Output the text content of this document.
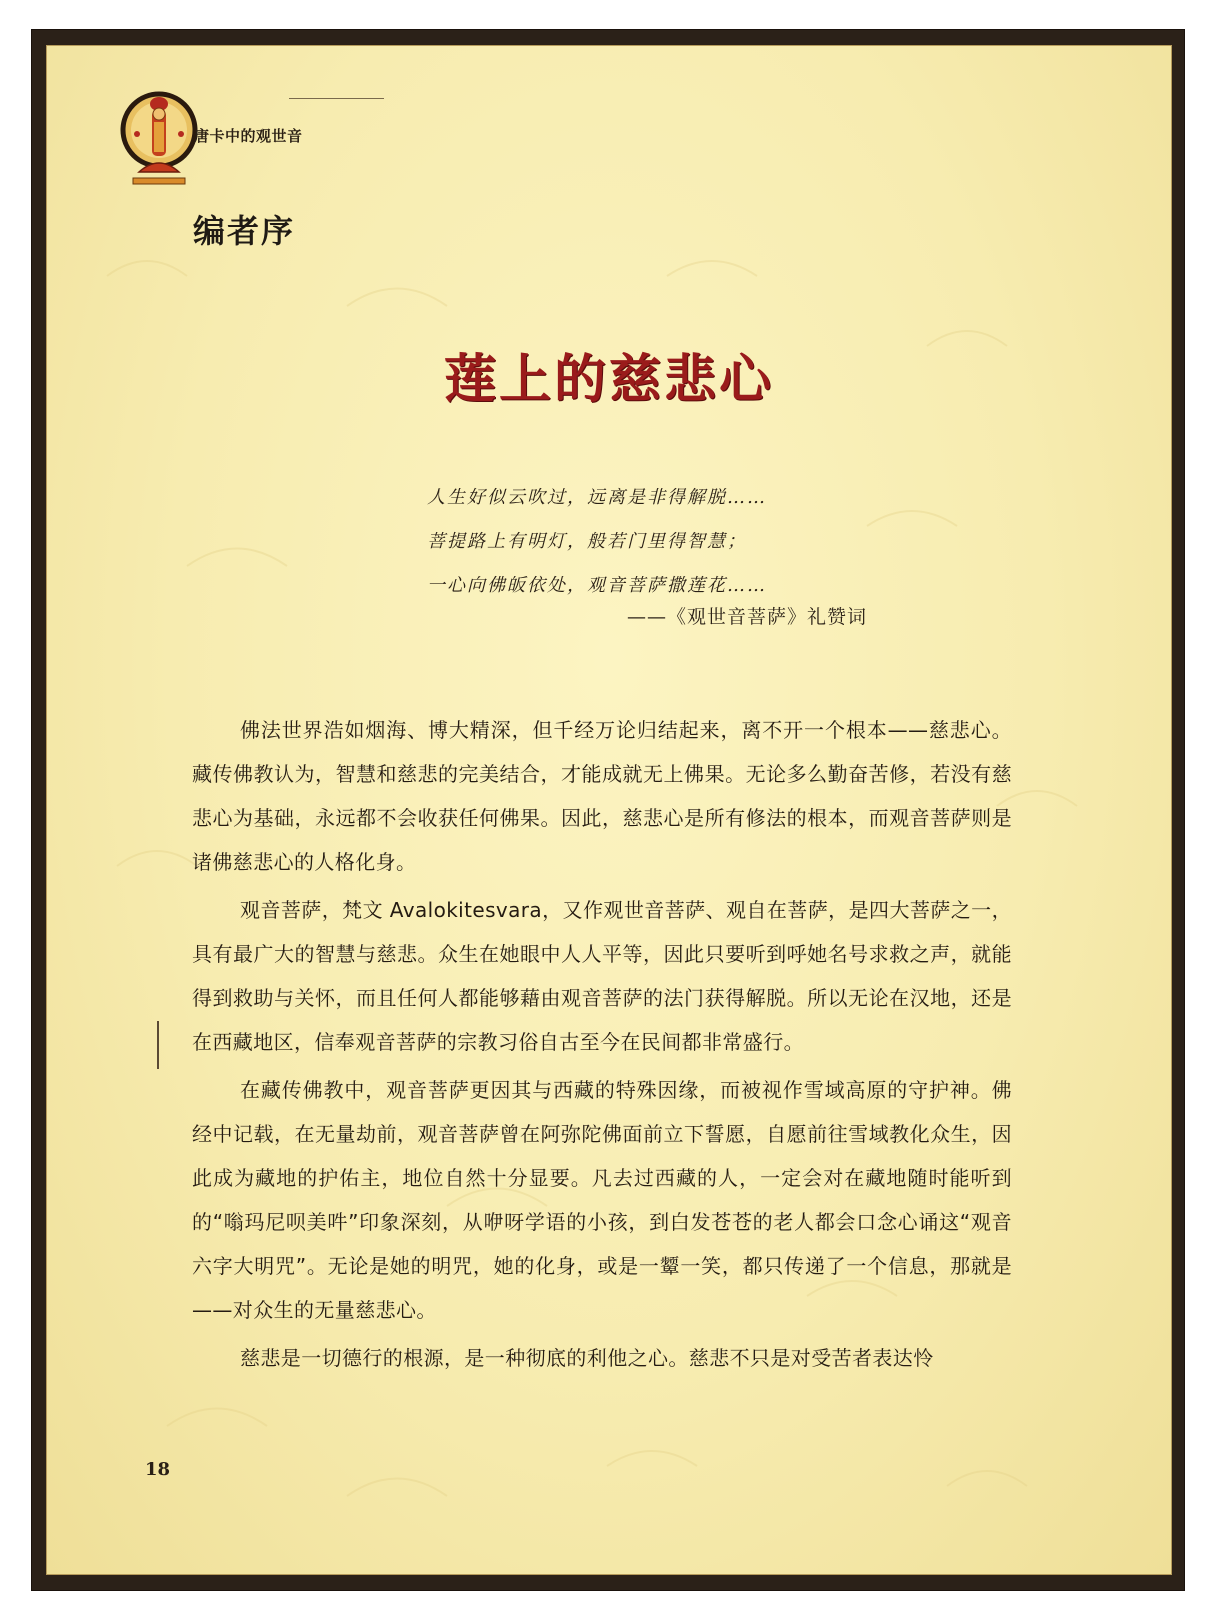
唐卡中的观世音
编者序
莲上的慈悲心
人生好似云吹过，远离是非得解脱……
菩提路上有明灯，般若门里得智慧；
一心向佛皈依处，观音菩萨撒莲花……
——《观世音菩萨》礼赞词

佛法世界浩如烟海、博大精深，但千经万论归结起来，离不开一个根本——慈悲心。藏传佛教认为，智慧和慈悲的完美结合，才能成就无上佛果。无论多么勤奋苦修，若没有慈悲心为基础，永远都不会收获任何佛果。因此，慈悲心是所有修法的根本，而观音菩萨则是诸佛慈悲心的人格化身。

观音菩萨，梵文 Avalokitesvara，又作观世音菩萨、观自在菩萨，是四大菩萨之一，具有最广大的智慧与慈悲。众生在她眼中人人平等，因此只要听到呼她名号求救之声，就能得到救助与关怀，而且任何人都能够藉由观音菩萨的法门获得解脱。所以无论在汉地，还是在西藏地区，信奉观音菩萨的宗教习俗自古至今在民间都非常盛行。

在藏传佛教中，观音菩萨更因其与西藏的特殊因缘，而被视作雪域高原的守护神。佛经中记载，在无量劫前，观音菩萨曾在阿弥陀佛面前立下誓愿，自愿前往雪域教化众生，因此成为藏地的护佑主，地位自然十分显要。凡去过西藏的人，一定会对在藏地随时能听到的“嗡玛尼呗美吽”印象深刻，从咿呀学语的小孩，到白发苍苍的老人都会口念心诵这“观音六字大明咒”。无论是她的明咒，她的化身，或是一颦一笑，都只传递了一个信息，那就是——对众生的无量慈悲心。

慈悲是一切德行的根源，是一种彻底的利他之心。慈悲不只是对受苦者表达怜

18
